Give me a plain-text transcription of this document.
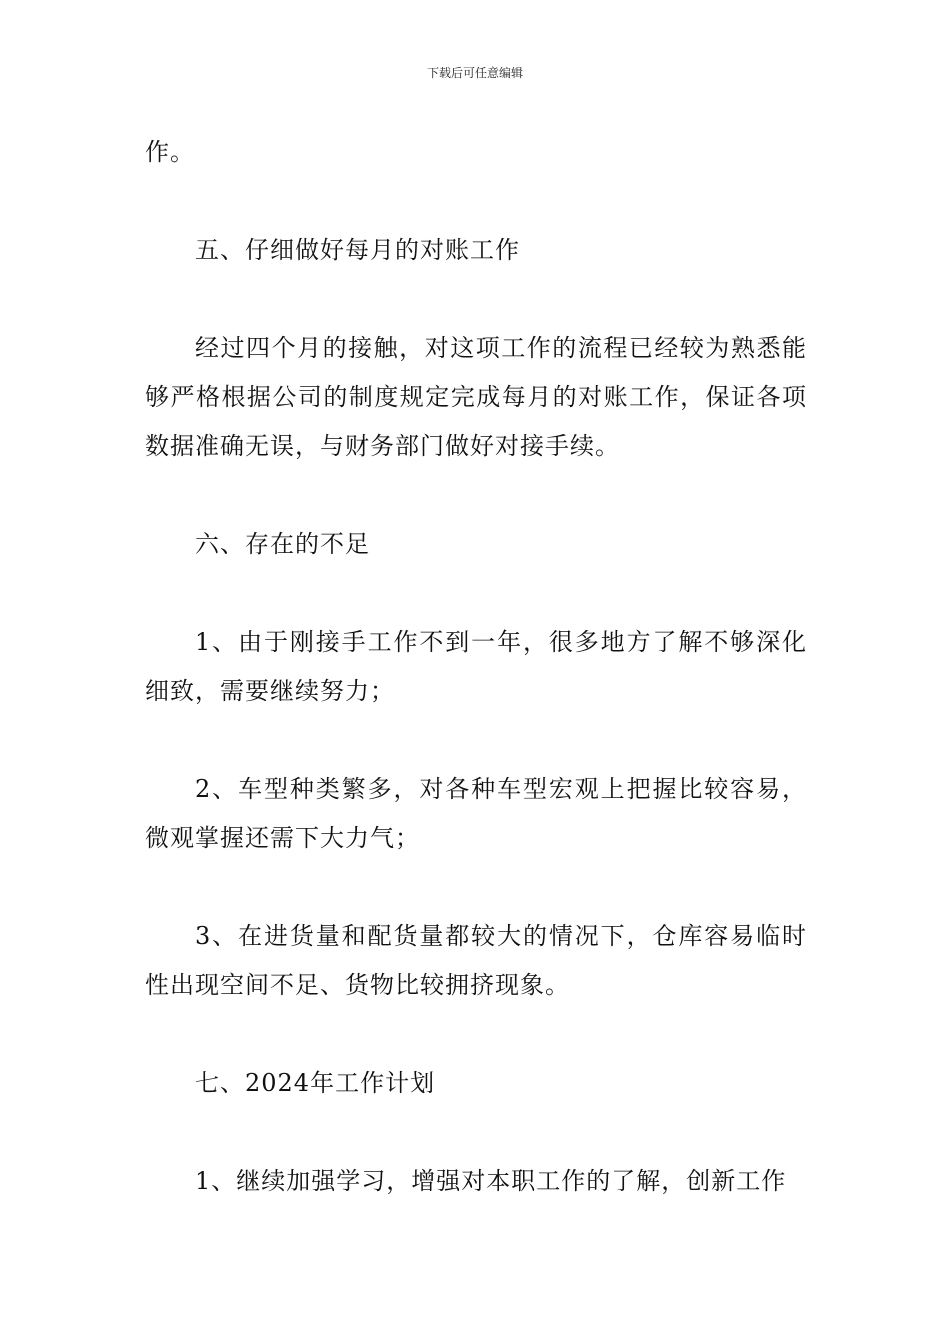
下载后可任意编辑

作。

五、仔细做好每月的对账工作

经过四个月的接触，对这项工作的流程已经较为熟悉能够严格根据公司的制度规定完成每月的对账工作，保证各项数据准确无误，与财务部门做好对接手续。

六、存在的不足

1、由于刚接手工作不到一年，很多地方了解不够深化细致，需要继续努力；

2、车型种类繁多，对各种车型宏观上把握比较容易，微观掌握还需下大力气；

3、在进货量和配货量都较大的情况下，仓库容易临时性出现空间不足、货物比较拥挤现象。

七、2024年工作计划

1、继续加强学习，增强对本职工作的了解，创新工作
